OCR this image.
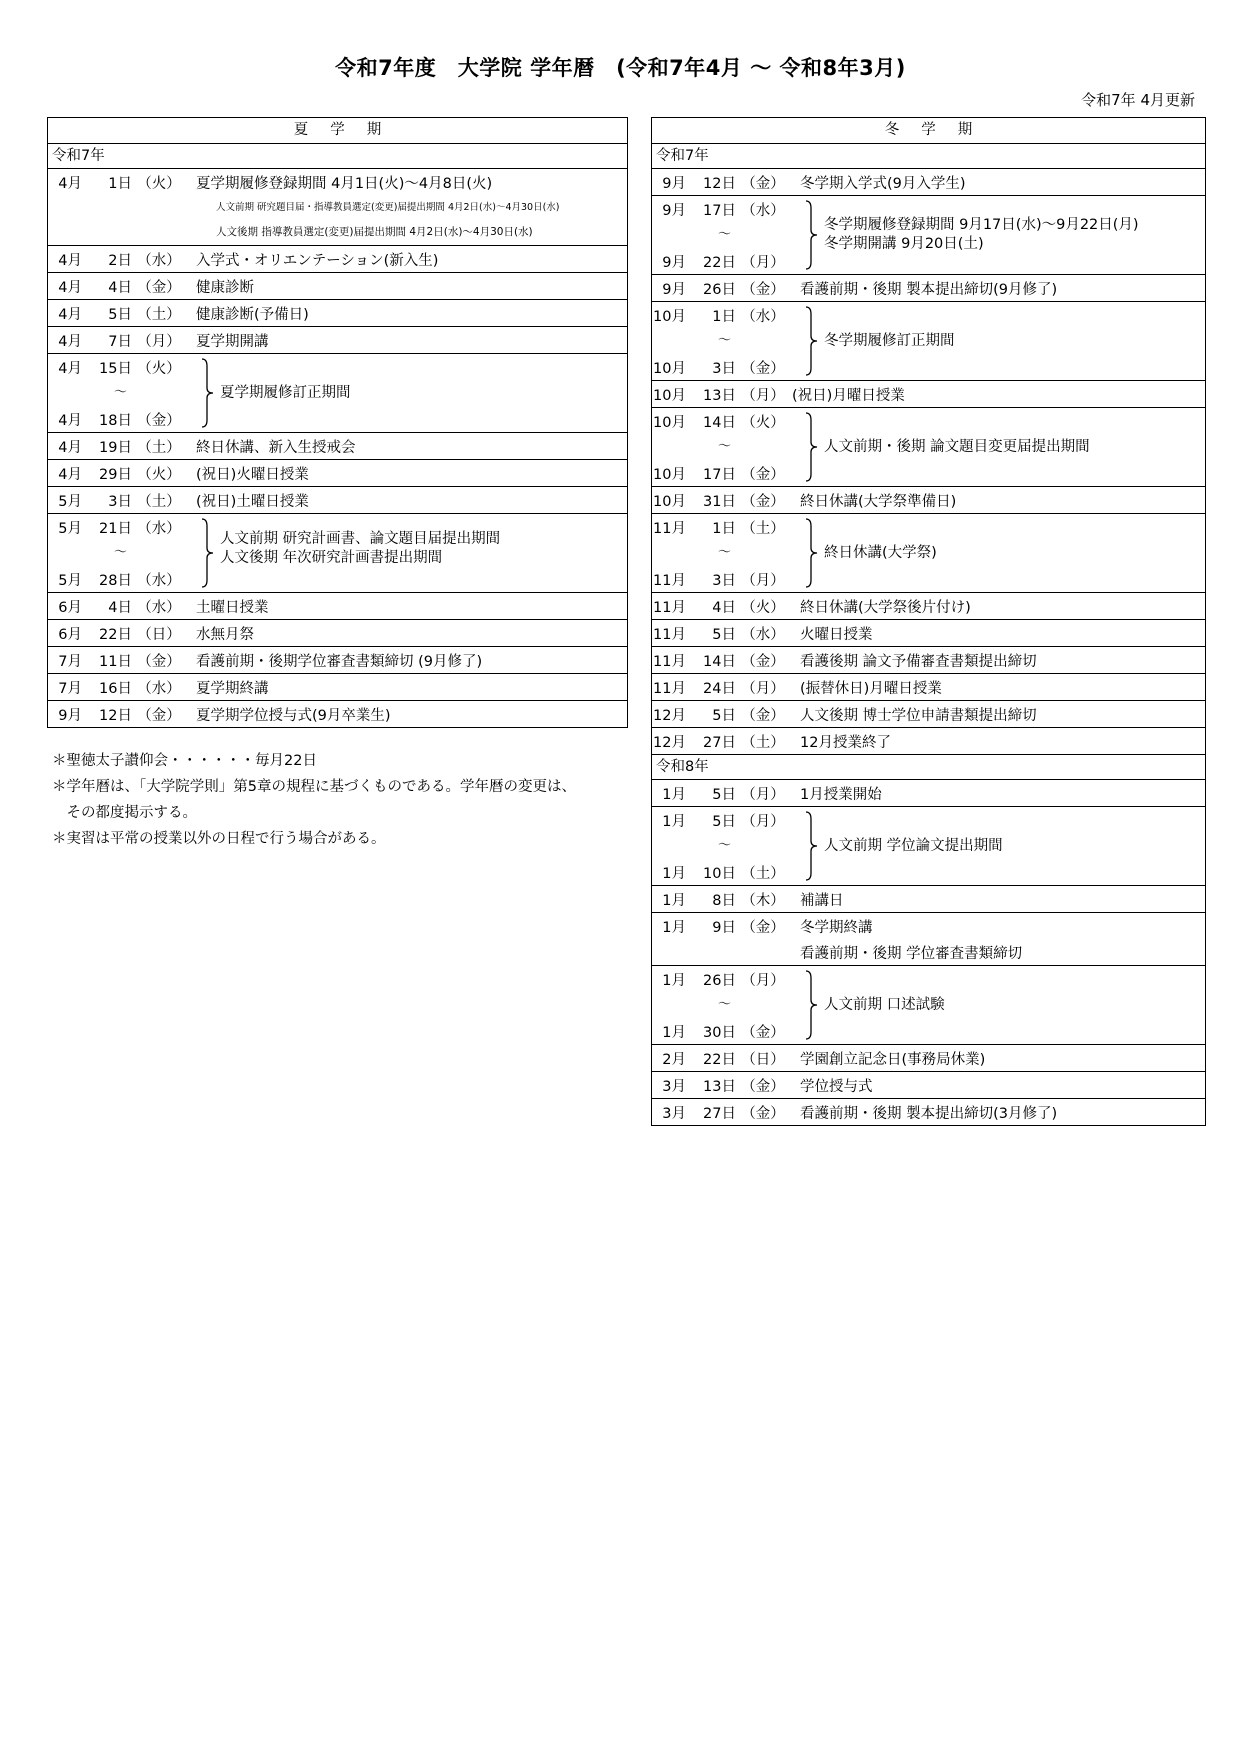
令和7年度　大学院 学年暦　(令和7年4月 〜 令和8年3月)
令和7年 4月更新
夏学期
令和7年

4月	1日 （火）	夏学期履修登録期間 4月1日(火)〜4月8日(火)
人文前期 研究題目届・指導教員選定(変更)届提出期間 4月2日(水)〜4月30日(水)
人文後期 指導教員選定(変更)届提出期間 4月2日(水)〜4月30日(水)

4月	2日 （水）	入学式・オリエンテーション(新入生)

4月	4日 （金）	健康診断

4月	5日 （土）	健康診断(予備日)

4月	7日 （月）	夏学期開講

4月	15日 （火）
〜
4月	18日 （金）
夏学期履修訂正期間

4月	19日 （土）	終日休講、新入生授戒会

4月	29日 （火）	(祝日)火曜日授業

5月	3日 （土）	(祝日)土曜日授業

5月	21日 （水）
〜
5月	28日 （水）
人文前期 研究計画書、論文題目届提出期間
人文後期 年次研究計画書提出期間

6月	4日 （水）	土曜日授業

6月	22日 （日）	水無月祭

7月	11日 （金）	看護前期・後期学位審査書類締切 (9月修了)

7月	16日 （水）	夏学期終講

9月	12日 （金）	夏学期学位授与式(9月卒業生)
＊聖徳太子讃仰会・・・・・・毎月22日
＊学年暦は、「大学院学則」第5章の規程に基づくものである。学年暦の変更は、
　その都度掲示する。
＊実習は平常の授業以外の日程で行う場合がある。
冬学期
令和7年

9月	12日 （金）	冬学期入学式(9月入学生)

9月	17日 （水）
〜
9月	22日 （月）
冬学期履修登録期間 9月17日(水)〜9月22日(月)
冬学期開講 9月20日(土)

9月	26日 （金）	看護前期・後期 製本提出締切(9月修了)

10月	1日 （水）
〜
10月	3日 （金）
冬学期履修訂正期間

10月	13日 （月） (祝日)月曜日授業

10月	14日 （火）
〜
10月	17日 （金）
人文前期・後期 論文題目変更届提出期間

10月	31日 （金）	終日休講(大学祭準備日)

11月	1日 （土）
〜
11月	3日 （月）
終日休講(大学祭)

11月	4日 （火）	終日休講(大学祭後片付け)

11月	5日 （水）	火曜日授業

11月	14日 （金）	看護後期 論文予備審査書類提出締切

11月	24日 （月）	(振替休日)月曜日授業

12月	5日 （金）	人文後期 博士学位申請書類提出締切

12月	27日 （土）	12月授業終了

令和8年

1月	5日 （月）	1月授業開始

1月	5日 （月）
〜
1月	10日 （土）
人文前期 学位論文提出期間

1月	8日 （木）	補講日

1月	9日 （金）	冬学期終講
看護前期・後期 学位審査書類締切

1月	26日 （月）
〜
1月	30日 （金）
人文前期 口述試験

2月	22日 （日）	学園創立記念日(事務局休業)

3月	13日 （金）	学位授与式

3月	27日 （金）	看護前期・後期 製本提出締切(3月修了)
